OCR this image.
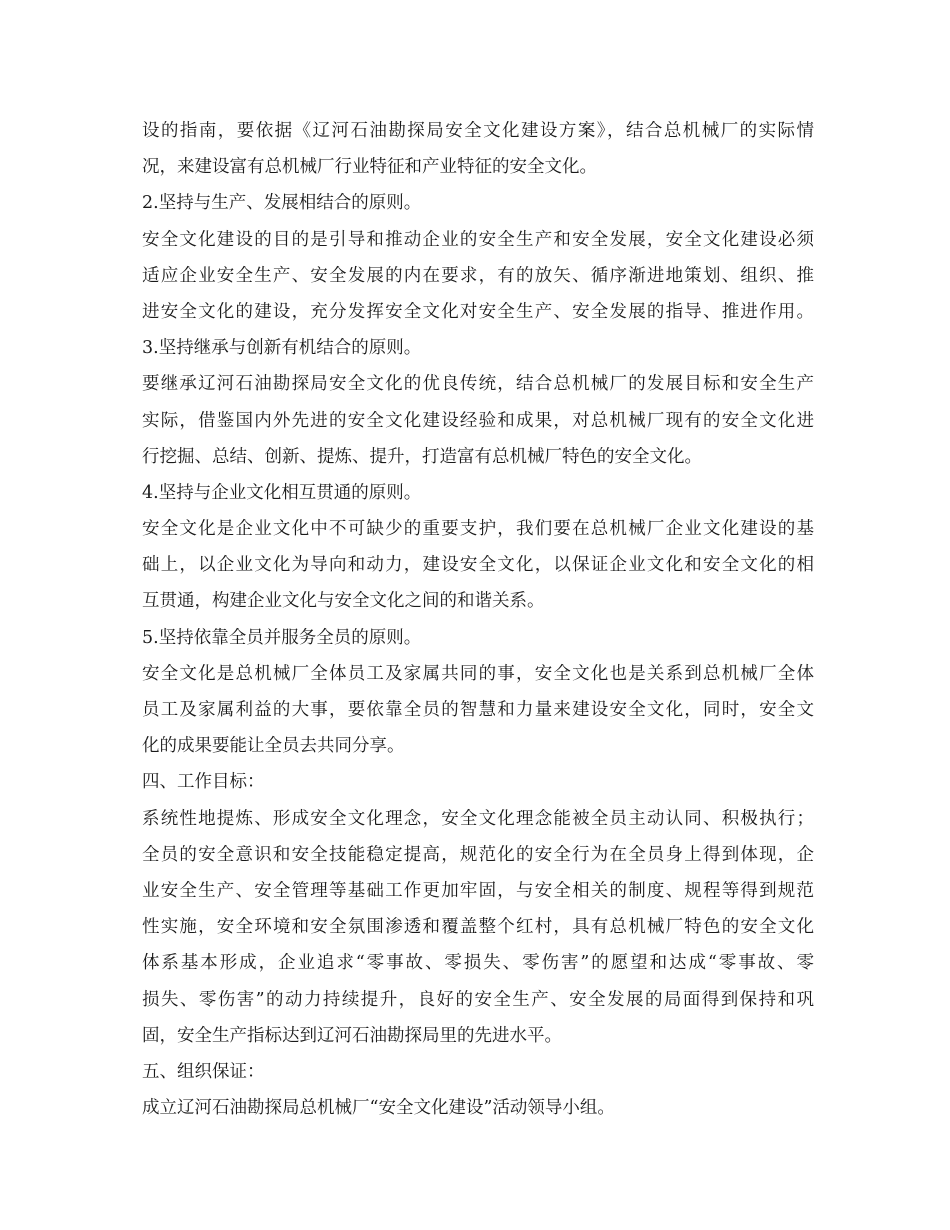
设的指南，要依据《辽河石油勘探局安全文化建设方案》，结合总机械厂的实际情
况，来建设富有总机械厂行业特征和产业特征的安全文化。
2.坚持与生产、发展相结合的原则。
安全文化建设的目的是引导和推动企业的安全生产和安全发展，安全文化建设必须
适应企业安全生产、安全发展的内在要求，有的放矢、循序渐进地策划、组织、推
进安全文化的建设，充分发挥安全文化对安全生产、安全发展的指导、推进作用。
3.坚持继承与创新有机结合的原则。
要继承辽河石油勘探局安全文化的优良传统，结合总机械厂的发展目标和安全生产
实际，借鉴国内外先进的安全文化建设经验和成果，对总机械厂现有的安全文化进
行挖掘、总结、创新、提炼、提升，打造富有总机械厂特色的安全文化。
4.坚持与企业文化相互贯通的原则。
安全文化是企业文化中不可缺少的重要支护，我们要在总机械厂企业文化建设的基
础上，以企业文化为导向和动力，建设安全文化，以保证企业文化和安全文化的相
互贯通，构建企业文化与安全文化之间的和谐关系。
5.坚持依靠全员并服务全员的原则。
安全文化是总机械厂全体员工及家属共同的事，安全文化也是关系到总机械厂全体
员工及家属利益的大事，要依靠全员的智慧和力量来建设安全文化，同时，安全文
化的成果要能让全员去共同分享。
四、工作目标：
系统性地提炼、形成安全文化理念，安全文化理念能被全员主动认同、积极执行；
全员的安全意识和安全技能稳定提高，规范化的安全行为在全员身上得到体现，企
业安全生产、安全管理等基础工作更加牢固，与安全相关的制度、规程等得到规范
性实施，安全环境和安全氛围渗透和覆盖整个红村，具有总机械厂特色的安全文化
体系基本形成，企业追求“零事故、零损失、零伤害”的愿望和达成“零事故、零
损失、零伤害”的动力持续提升，良好的安全生产、安全发展的局面得到保持和巩
固，安全生产指标达到辽河石油勘探局里的先进水平。
五、组织保证：
成立辽河石油勘探局总机械厂“安全文化建设”活动领导小组。
